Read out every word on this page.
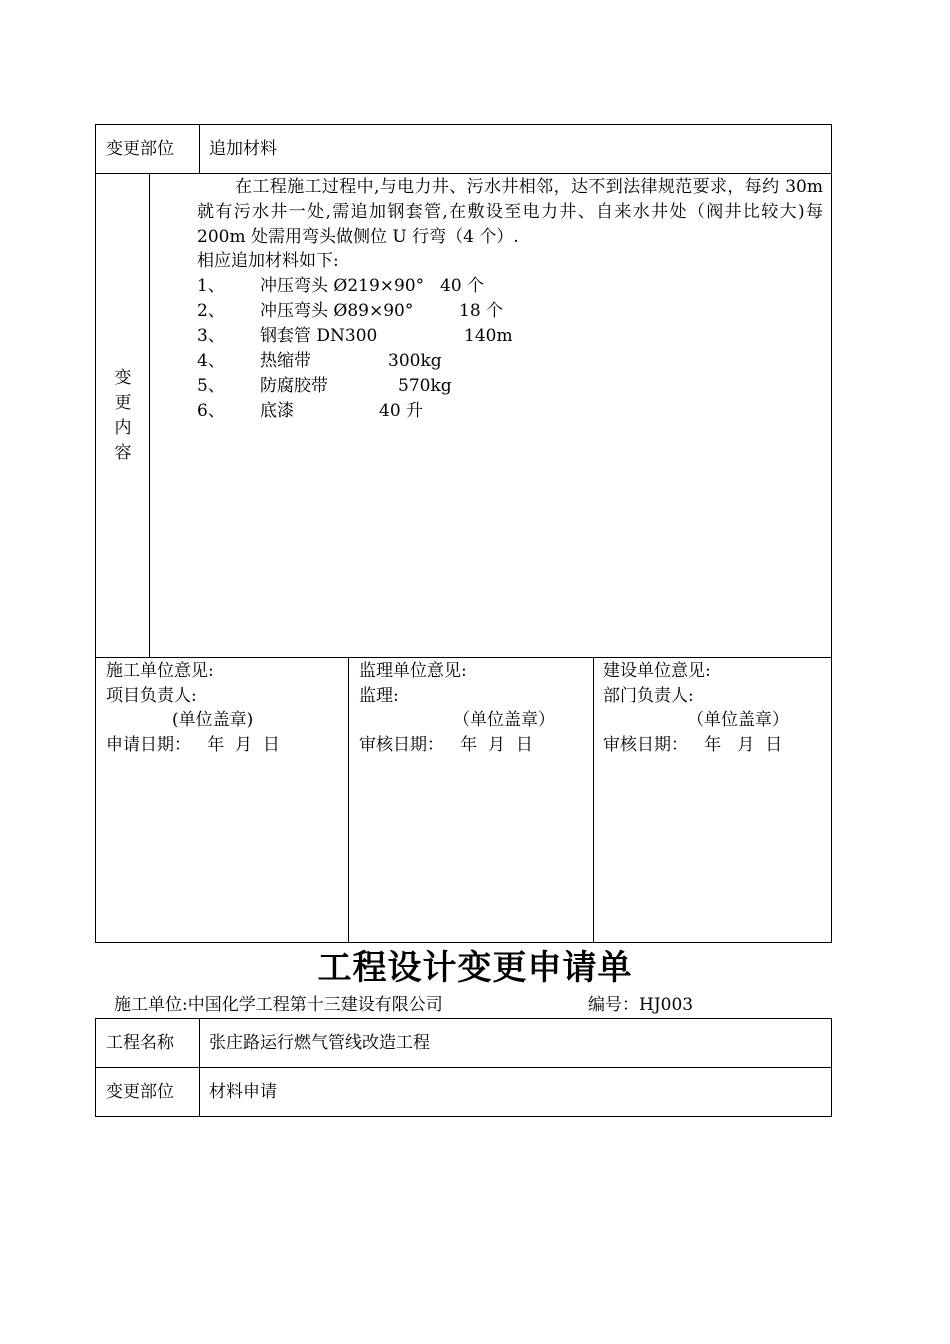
变更部位 追加材料
变更内容
在工程施工过程中,与电力井、污水井相邻，达不到法律规范要求，每约 30m 就有污水井一处,需追加钢套管,在敷设至电力井、自来水井处（阀井比较大)每 200m 处需用弯头做侧位 U 行弯（4 个）.
相应追加材料如下:
1、 冲压弯头 Ø219×90° 40 个
2、 冲压弯头 Ø89×90°	18 个
3、 钢套管 DN300	140m
4、 热缩带	300kg
5、 防腐胶带	570kg
6、 底漆	40 升
施工单位意见:
项目负责人:
(单位盖章)
申请日期：   年  月  日
监理单位意见:
监理:
（单位盖章）
审核日期：   年  月  日
建设单位意见:
部门负责人:
（单位盖章）
审核日期：   年   月  日
工程设计变更申请单
施工单位:中国化学工程第十三建设有限公司	编号：HJ003
工程名称 张庄路运行燃气管线改造工程
变更部位 材料申请
